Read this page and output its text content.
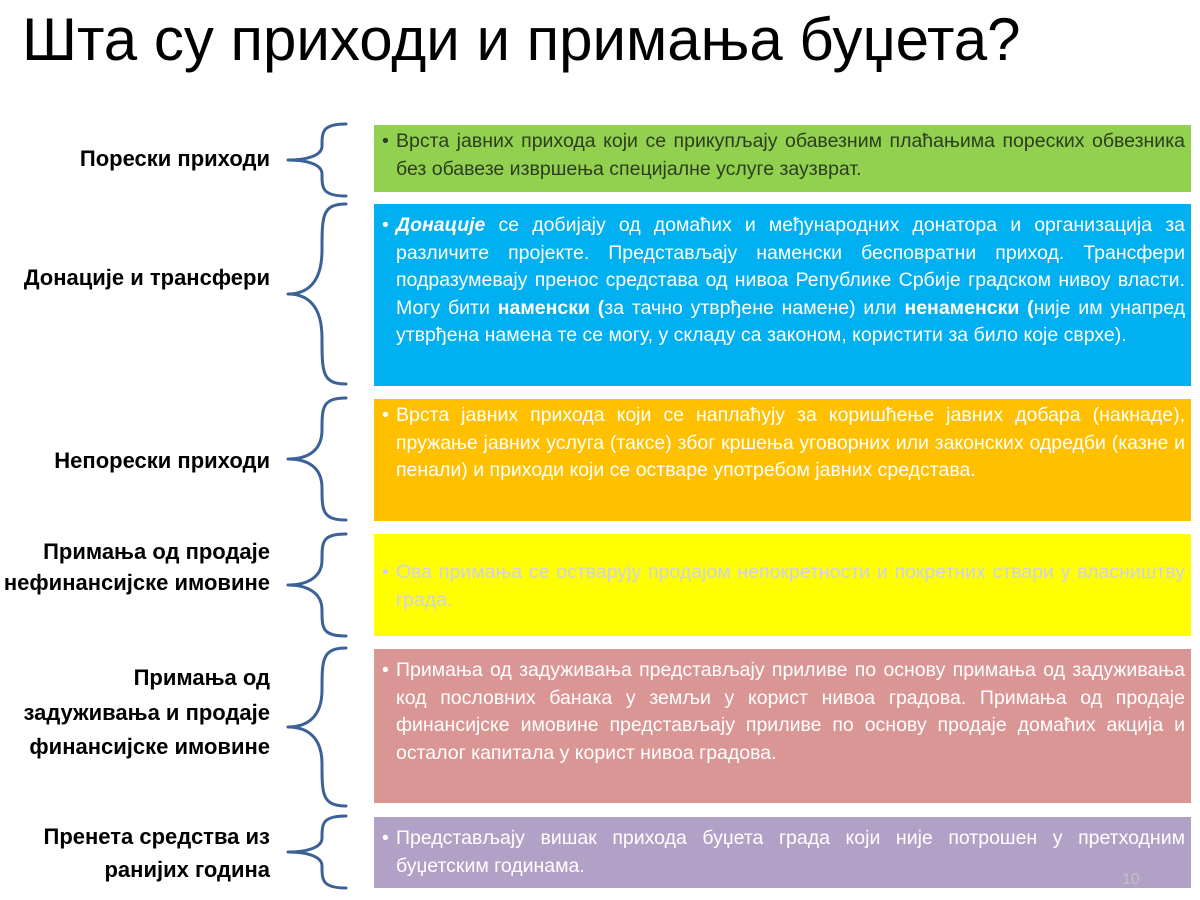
Шта су приходи и примања буџета?
Порески приходи
• Врста јавних прихода који се прикупљају обавезним плаћањима пореских обвезника без обавезе извршења специјалне услуге заузврат.
Донације и трансфери
• Донације се добијају од домаћих и међународних донатора и организација за различите пројекте. Представљају наменски бесповратни приход. Трансфери подразумевају пренос средстава од нивоа Републике Србије градском нивоу власти. Могу бити наменски (за тачно утврђене намене) или ненаменски (није им унапред утврђена намена те се могу, у складу са законом, користити за било које сврхе).
Непорески приходи
• Врста јавних прихода који се наплаћују за коришћење јавних добара (накнаде), пружање јавних услуга (таксе) због кршења уговорних или законских одредби (казне и пенали) и приходи који се остваре употребом јавних средстава.
Примања од продаје нефинансијске имовине	• Ова примања се остварују продајом непокретности и покретних ствари у власништву града.
Примања од задуживања и продаје финансијске имовине
• Примања од задуживања представљају приливе по основу примања од задуживања код пословних банака у земљи у корист нивоа градова. Примања од продаје финансијске имовине представљају приливе по основу продаје домаћих акција и осталог капитала у корист нивоа градова.
Пренета средства из ранијих година
• Представљају вишак прихода буџета града који није потрошен у претходним буџетским годинама.
10
